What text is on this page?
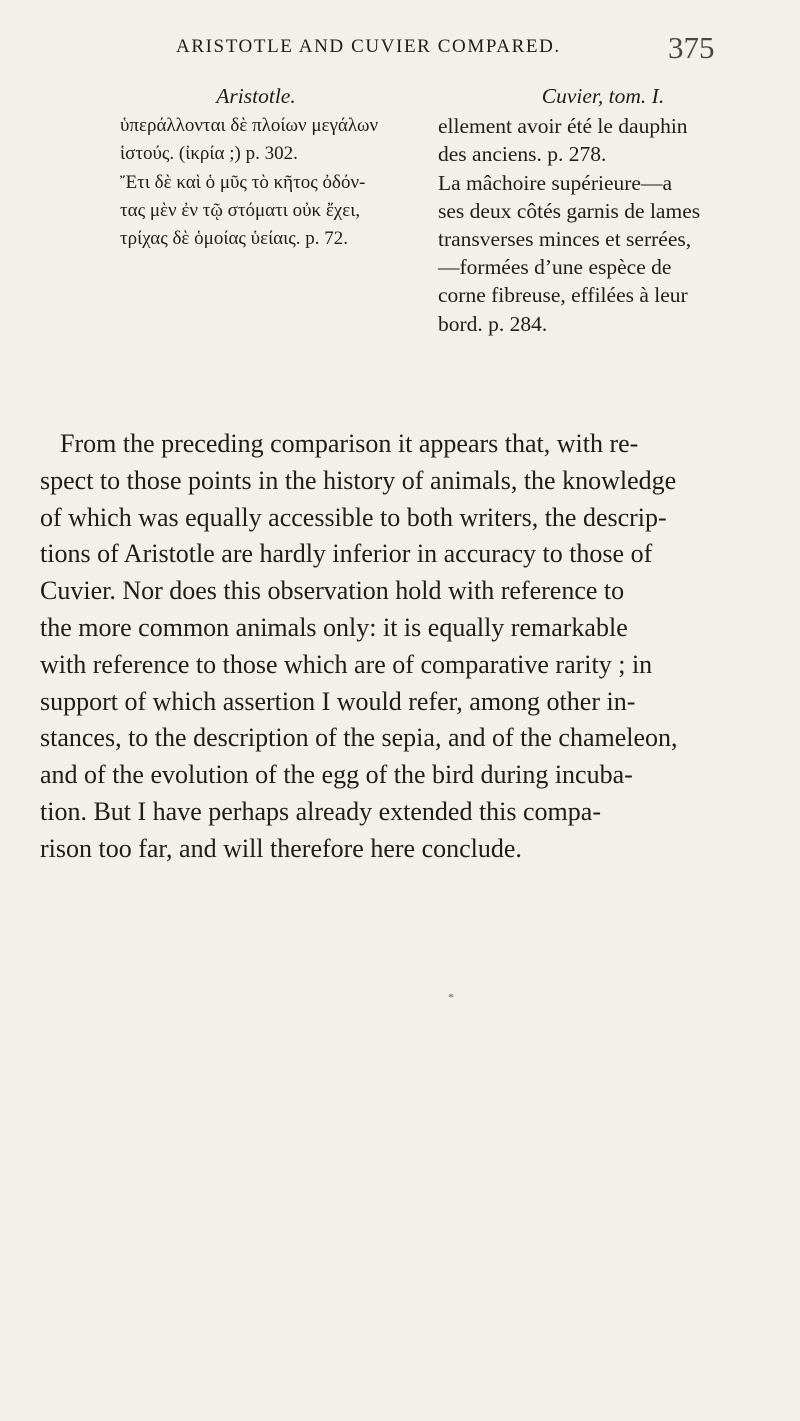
ARISTOTLE AND CUVIER COMPARED.	375
Aristotle.
ὑπεράλλονται δὲ πλοίων μεγάλων
ἱστούς. (ἰκρία ;) p. 302.
Ἔτι δὲ καὶ ὁ μῦς τὸ κῆτος ὀδόν-
τας μὲν ἐν τῷ στόματι οὐκ ἔχει,
τρίχας δὲ ὁμοίας ὑείαις. p. 72.
Cuvier, tom. I.
ellement avoir été le dauphin
des anciens. p. 278.
La mâchoire supérieure—a
ses deux côtés garnis de lames
transverses minces et serrées,
—formées d’une espèce de
corne fibreuse, effilées à leur
bord. p. 284.
From the preceding comparison it appears that, with re-
spect to those points in the history of animals, the knowledge
of which was equally accessible to both writers, the descrip-
tions of Aristotle are hardly inferior in accuracy to those of
Cuvier. Nor does this observation hold with reference to
the more common animals only: it is equally remarkable
with reference to those which are of comparative rarity ; in
support of which assertion I would refer, among other in-
stances, to the description of the sepia, and of the chameleon,
and of the evolution of the egg of the bird during incuba-
tion. But I have perhaps already extended this compa-
rison too far, and will therefore here conclude.
*
